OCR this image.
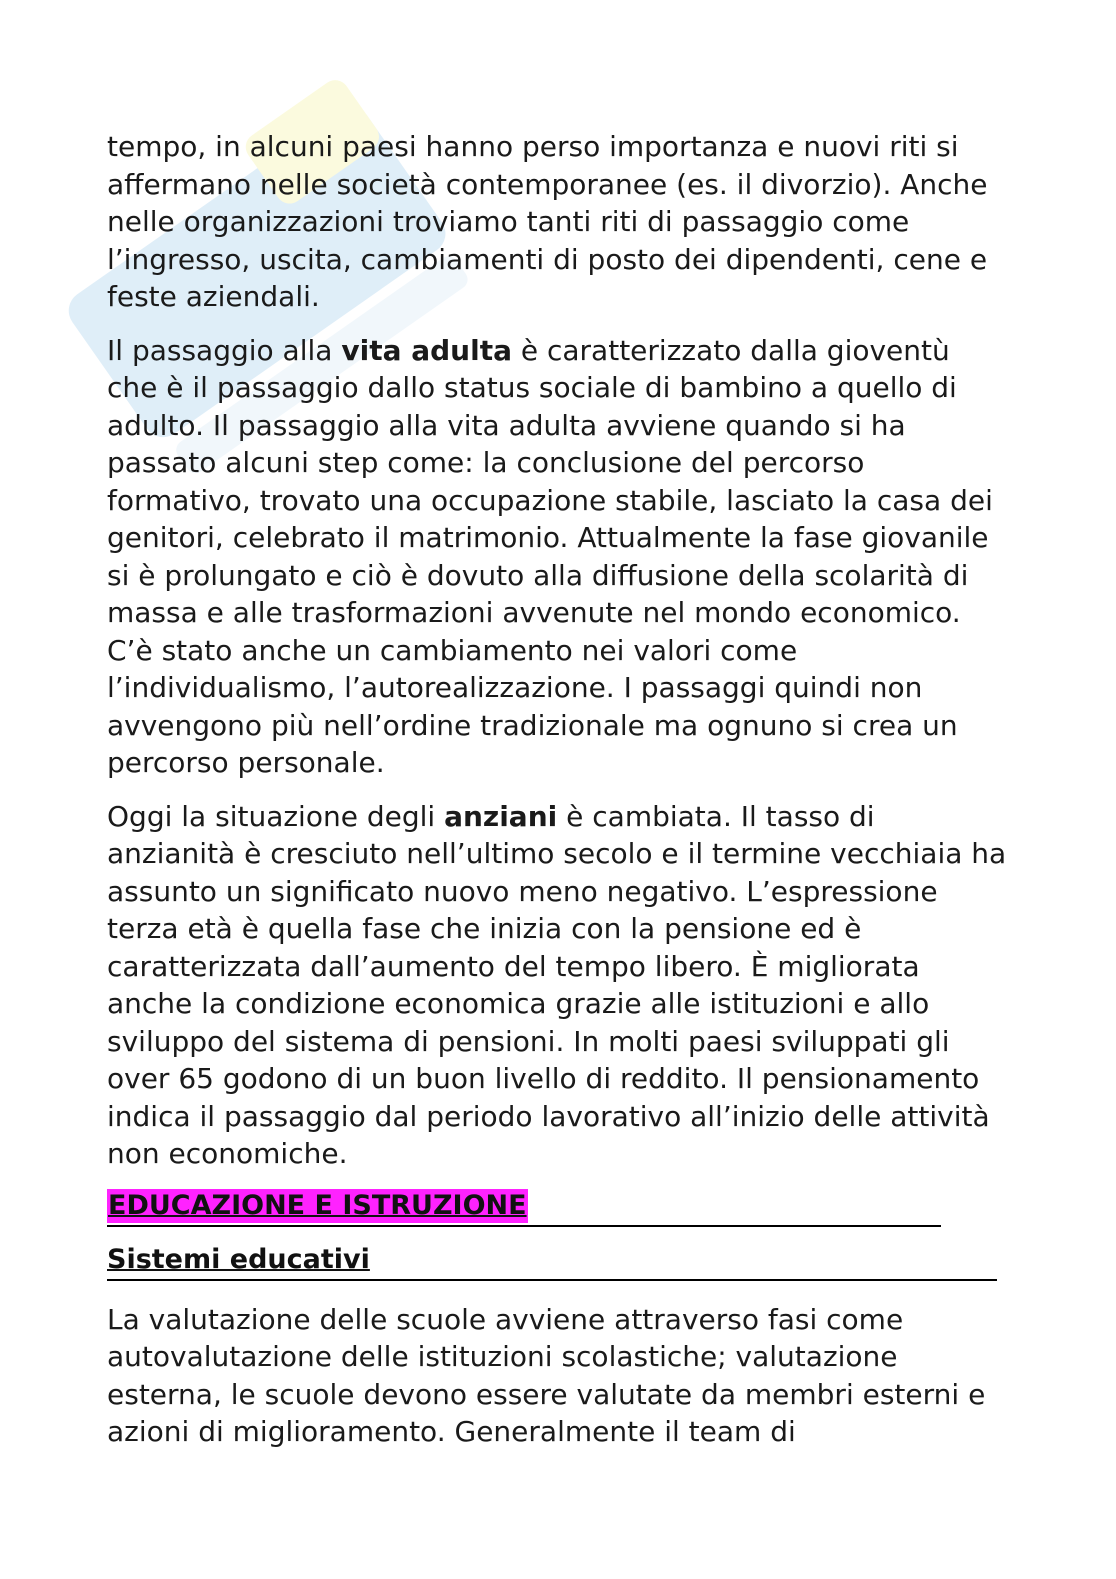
tempo, in alcuni paesi hanno perso importanza e nuovi riti si affermano nelle società contemporanee (es. il divorzio). Anche nelle organizzazioni troviamo tanti riti di passaggio come l’ingresso, uscita, cambiamenti di posto dei dipendenti, cene e feste aziendali.

Il passaggio alla vita adulta è caratterizzato dalla gioventù che è il passaggio dallo status sociale di bambino a quello di adulto. Il passaggio alla vita adulta avviene quando si ha passato alcuni step come: la conclusione del percorso formativo, trovato una occupazione stabile, lasciato la casa dei genitori, celebrato il matrimonio. Attualmente la fase giovanile si è prolungato e ciò è dovuto alla diffusione della scolarità di massa e alle trasformazioni avvenute nel mondo economico. C’è stato anche un cambiamento nei valori come l’individualismo, l’autorealizzazione. I passaggi quindi non avvengono più nell’ordine tradizionale ma ognuno si crea un percorso personale.

Oggi la situazione degli anziani è cambiata. Il tasso di anzianità è cresciuto nell’ultimo secolo e il termine vecchiaia ha assunto un significato nuovo meno negativo. L’espressione terza età è quella fase che inizia con la pensione ed è caratterizzata dall’aumento del tempo libero. È migliorata anche la condizione economica grazie alle istituzioni e allo sviluppo del sistema di pensioni. In molti paesi sviluppati gli over 65 godono di un buon livello di reddito. Il pensionamento indica il passaggio dal periodo lavorativo all’inizio delle attività non economiche.

EDUCAZIONE E ISTRUZIONE
Sistemi educativi

La valutazione delle scuole avviene attraverso fasi come autovalutazione delle istituzioni scolastiche; valutazione esterna, le scuole devono essere valutate da membri esterni e azioni di miglioramento. Generalmente il team di
